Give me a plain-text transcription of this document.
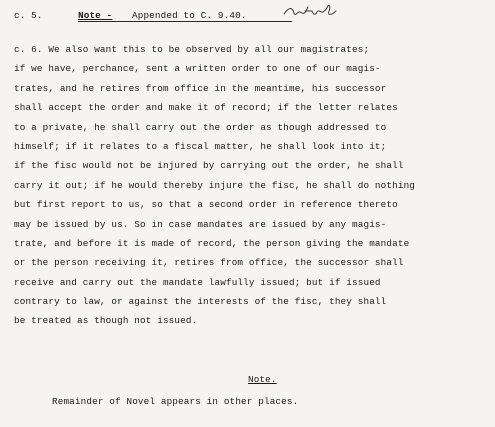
c. 5.	Note - Appended to C. 9.40.
c. 6. We also want this to be observed by all our magistrates;
if we have, perchance, sent a written order to one of our magis-
trates, and he retires from office in the meantime, his successor
shall accept the order and make it of record; if the letter relates
to a private, he shall carry out the order as though addressed to
himself; if it relates to a fiscal matter, he shall look into it;
if the fisc would not be injured by carrying out the order, he shall
carry it out; if he would thereby injure the fisc, he shall do nothing
but first report to us, so that a second order in reference thereto
may be issued by us. So in case mandates are issued by any magis-
trate, and before it is made of record, the person giving the mandate
or the person receiving it, retires from office, the successor shall
receive and carry out the mandate lawfully issued; but if issued
contrary to law, or against the interests of the fisc, they shall
be treated as though not issued.
Note.
Remainder of Novel appears in other places.
